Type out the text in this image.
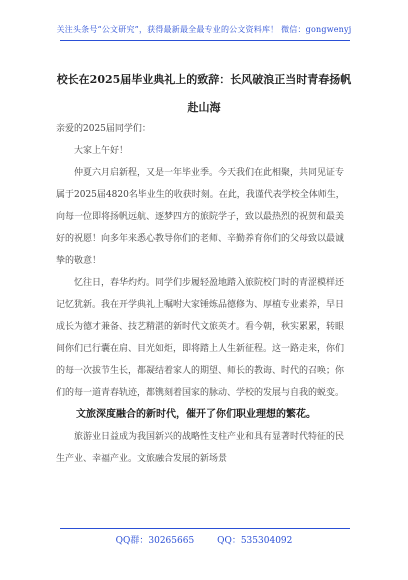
关注头条号“公文研究”，获得最新最全最专业的公文资料库！ 微信：gongwenyj
校长在2025届毕业典礼上的致辞：长风破浪正当时青春扬帆赴山海

亲爱的2025届同学们：

大家上午好！

仲夏六月启新程，又是一年毕业季。今天我们在此相聚，共同见证专属于2025届4820名毕业生的收获时刻。在此，我谨代表学校全体师生，向每一位即将扬帆远航、逐梦四方的旅院学子，致以最热烈的祝贺和最美好的祝愿！向多年来悉心教导你们的老师、辛勤养育你们的父母致以最诚挚的敬意！

忆往日，春华灼灼。同学们步履轻盈地踏入旅院校门时的青涩模样还记忆犹新。我在开学典礼上嘱咐大家锤炼品德修为、厚植专业素养，早日成长为德才兼备、技艺精湛的新时代文旅英才。看今朝，秋实累累，转眼间你们已行囊在肩、目光如炬，即将踏上人生新征程。这一路走来，你们的每一次拔节生长，都凝结着家人的期望、师长的教诲、时代的召唤；你们的每一道青春轨迹，都镌刻着国家的脉动、学校的发展与自我的蜕变。

文旅深度融合的新时代，催开了你们职业理想的繁花。

旅游业日益成为我国新兴的战略性支柱产业和具有显著时代特征的民生产业、幸福产业。文旅融合发展的新场景

QQ群：30265665	QQ：535304092
